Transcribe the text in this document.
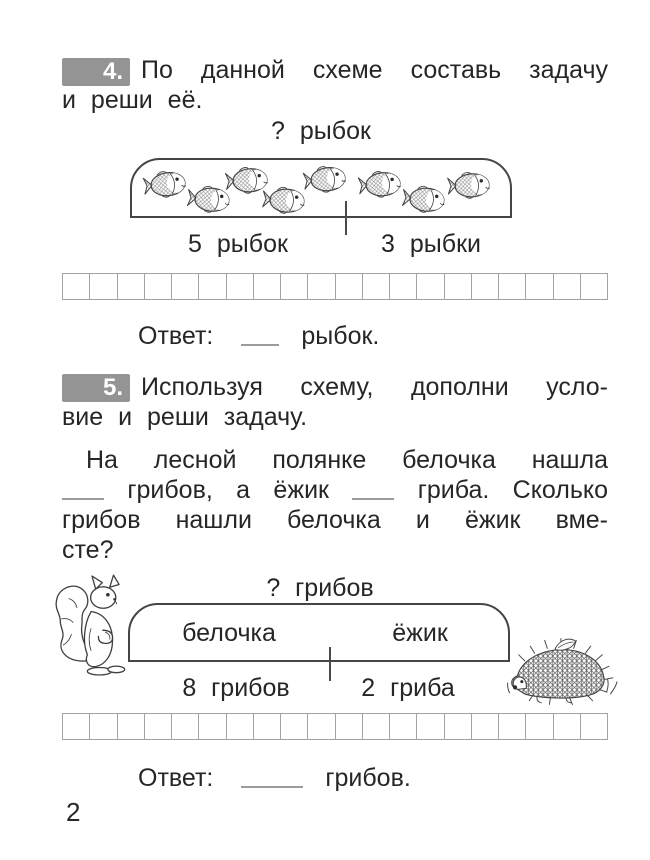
4. По данной схеме составь задачу
и реши её.
? рыбок
5 рыбок	3 рыбки
Ответ:	рыбок.
5. Используя схему, дополни усло-
вие и реши задачу.
На лесной полянке белочка нашла
грибов, а ёжик	гриба. Сколько
грибов нашли белочка и ёжик вме-
сте?
? грибов
белочка	ёжик
8 грибов	2 гриба
Ответ:	грибов.
2
